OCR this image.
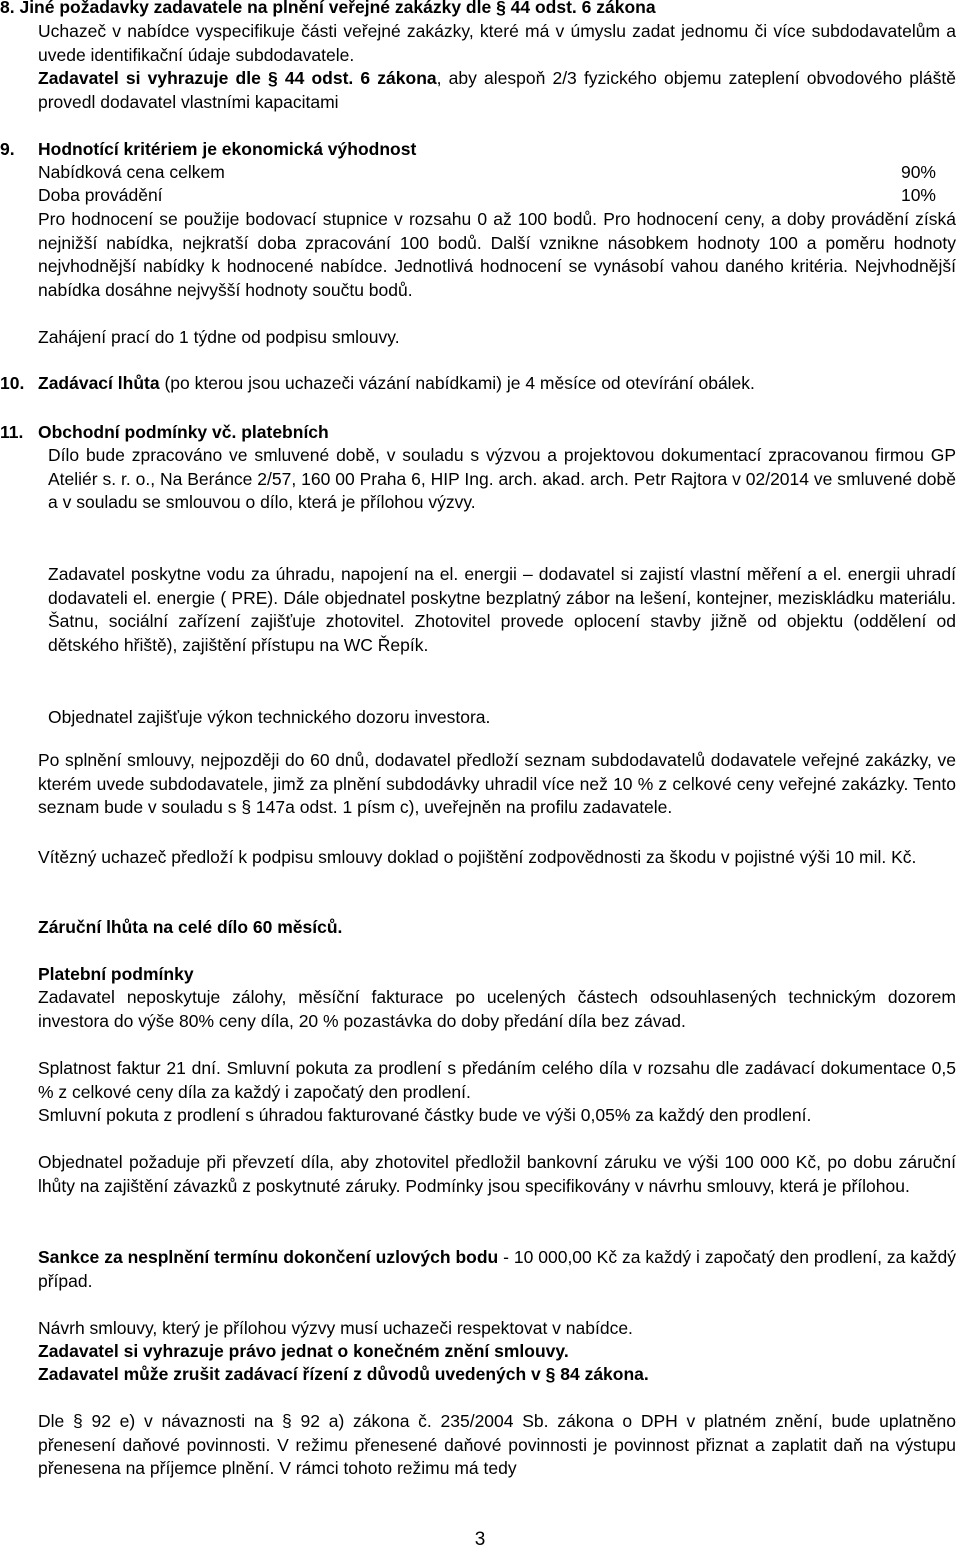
8. Jiné požadavky zadavatele na plnění veřejné zakázky dle § 44 odst. 6 zákona

Uchazeč v nabídce vyspecifikuje části veřejné zakázky, které má v úmyslu zadat jednomu či více subdodavatelům a uvede identifikační údaje subdodavatele.

Zadavatel si vyhrazuje dle § 44 odst. 6 zákona, aby alespoň 2/3 fyzického objemu zateplení obvodového pláště provedl dodavatel vlastními kapacitami

9. Hodnotící kritériem je ekonomická výhodnost

Nabídková cena celkem	90%
Doba provádění	10%

Pro hodnocení se použije bodovací stupnice v rozsahu 0 až 100 bodů. Pro hodnocení ceny, a doby provádění získá nejnižší nabídka, nejkratší doba zpracování 100 bodů. Další vznikne násobkem hodnoty 100 a poměru hodnoty nejvhodnější nabídky k hodnocené nabídce. Jednotlivá hodnocení se vynásobí vahou daného kritéria. Nejvhodnější nabídka dosáhne nejvyšší hodnoty součtu bodů.

Zahájení prací do 1 týdne od podpisu smlouvy.

10. Zadávací lhůta (po kterou jsou uchazeči vázání nabídkami) je 4 měsíce od otevírání obálek.

11. Obchodní podmínky vč. platebních

Dílo bude zpracováno ve smluvené době, v souladu s výzvou a projektovou dokumentací zpracovanou firmou GP Ateliér s. r. o., Na Beránce 2/57, 160 00 Praha 6, HIP Ing. arch. akad. arch. Petr Rajtora v 02/2014 ve smluvené době a v souladu se smlouvou o dílo, která je přílohou výzvy.

Zadavatel poskytne vodu za úhradu, napojení na el. energii – dodavatel si zajistí vlastní měření a el. energii uhradí dodavateli el. energie ( PRE). Dále objednatel poskytne bezplatný zábor na lešení, kontejner, meziskládku materiálu. Šatnu, sociální zařízení zajišťuje zhotovitel. Zhotovitel provede oplocení stavby jižně od objektu (oddělení od dětského hřiště), zajištění přístupu na WC Řepík.

Objednatel zajišťuje výkon technického dozoru investora.

Po splnění smlouvy, nejpozději do 60 dnů, dodavatel předloží seznam subdodavatelů dodavatele veřejné zakázky, ve kterém uvede subdodavatele, jimž za plnění subdodávky uhradil více než 10 % z celkové ceny veřejné zakázky. Tento seznam bude v souladu s § 147a odst. 1 písm c), uveřejněn na profilu zadavatele.

Vítězný uchazeč předloží k podpisu smlouvy doklad o pojištění zodpovědnosti za škodu v pojistné výši 10 mil. Kč.

Záruční lhůta na celé dílo 60 měsíců.

Platební podmínky

Zadavatel neposkytuje zálohy, měsíční fakturace po ucelených částech odsouhlasených technickým dozorem investora do výše 80% ceny díla, 20 % pozastávka do doby předání díla bez závad.

Splatnost faktur 21 dní. Smluvní pokuta za prodlení s předáním celého díla v rozsahu dle zadávací dokumentace 0,5 % z celkové ceny díla za každý i započatý den prodlení.

Smluvní pokuta z prodlení s úhradou fakturované částky bude ve výši 0,05% za každý den prodlení.

Objednatel požaduje při převzetí díla, aby zhotovitel předložil bankovní záruku ve výši 100 000 Kč, po dobu záruční lhůty na zajištění závazků z poskytnuté záruky. Podmínky jsou specifikovány v návrhu smlouvy, která je přílohou.

Sankce za nesplnění termínu dokončení uzlových bodu - 10 000,00 Kč za každý i započatý den prodlení, za každý případ.

Návrh smlouvy, který je přílohou výzvy musí uchazeči respektovat v nabídce.

Zadavatel si vyhrazuje právo jednat o konečném znění smlouvy.

Zadavatel může zrušit zadávací řízení z důvodů uvedených v § 84 zákona.

Dle § 92 e) v návaznosti na § 92 a) zákona č. 235/2004 Sb. zákona o DPH v platném znění, bude uplatněno přenesení daňové povinnosti. V režimu přenesené daňové povinnosti je povinnost přiznat a zaplatit daň na výstupu přenesena na příjemce plnění. V rámci tohoto režimu má tedy

3
